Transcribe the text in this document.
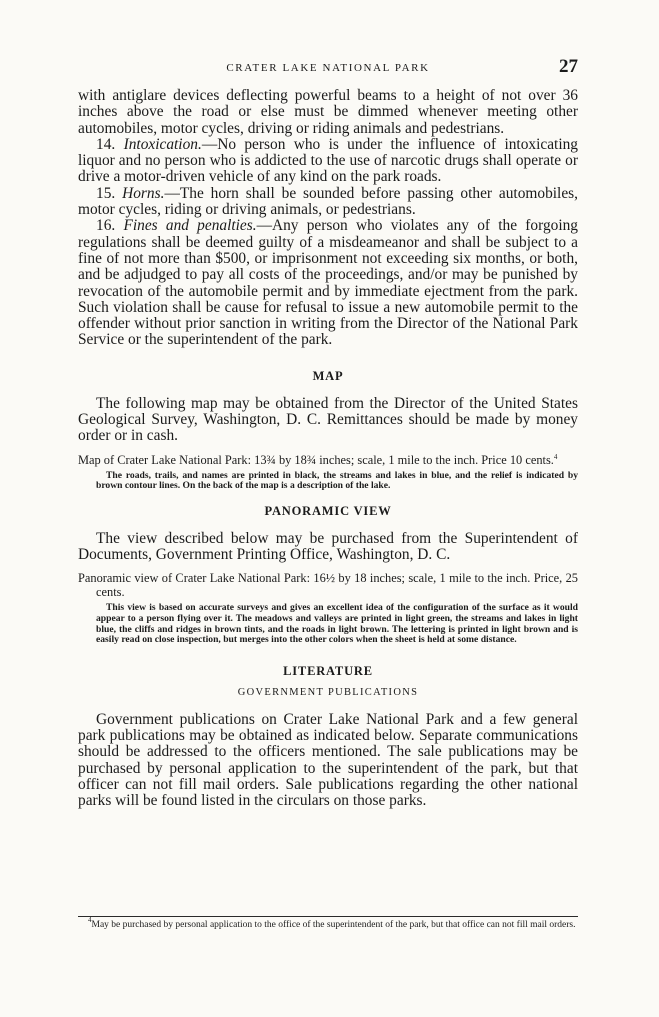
CRATER LAKE NATIONAL PARK	27

with antiglare devices deflecting powerful beams to a height of not over 36 inches above the road or else must be dimmed whenever meeting other automobiles, motor cycles, driving or riding animals and pedestrians.

14. Intoxication.—No person who is under the influence of intoxicating liquor and no person who is addicted to the use of narcotic drugs shall operate or drive a motor-driven vehicle of any kind on the park roads.

15. Horns.—The horn shall be sounded before passing other automobiles, motor cycles, riding or driving animals, or pedestrians.

16. Fines and penalties.—Any person who violates any of the forgoing regulations shall be deemed guilty of a misdeameanor and shall be subject to a fine of not more than $500, or imprisonment not exceeding six months, or both, and be adjudged to pay all costs of the proceedings, and/or may be punished by revocation of the automobile permit and by immediate ejectment from the park. Such violation shall be cause for refusal to issue a new automobile permit to the offender without prior sanction in writing from the Director of the National Park Service or the superintendent of the park.

MAP

The following map may be obtained from the Director of the United States Geological Survey, Washington, D. C. Remittances should be made by money order or in cash.

Map of Crater Lake National Park: 13¾ by 18¾ inches; scale, 1 mile to the inch. Price 10 cents.$^4$

The roads, trails, and names are printed in black, the streams and lakes in blue, and the relief is indicated by brown contour lines. On the back of the map is a description of the lake.

PANORAMIC VIEW

The view described below may be purchased from the Superintendent of Documents, Government Printing Office, Washington, D. C.

Panoramic view of Crater Lake National Park: 16½ by 18 inches; scale, 1 mile to the inch. Price, 25 cents.

This view is based on accurate surveys and gives an excellent idea of the configuration of the surface as it would appear to a person flying over it. The meadows and valleys are printed in light green, the streams and lakes in light blue, the cliffs and ridges in brown tints, and the roads in light brown. The lettering is printed in light brown and is easily read on close inspection, but merges into the other colors when the sheet is held at some distance.

LITERATURE
GOVERNMENT PUBLICATIONS

Government publications on Crater Lake National Park and a few general park publications may be obtained as indicated below. Separate communications should be addressed to the officers mentioned. The sale publications may be purchased by personal application to the superintendent of the park, but that officer can not fill mail orders. Sale publications regarding the other national parks will be found listed in the circulars on those parks.

$^4$May be purchased by personal application to the office of the superintendent of the park, but that office can not fill mail orders.
